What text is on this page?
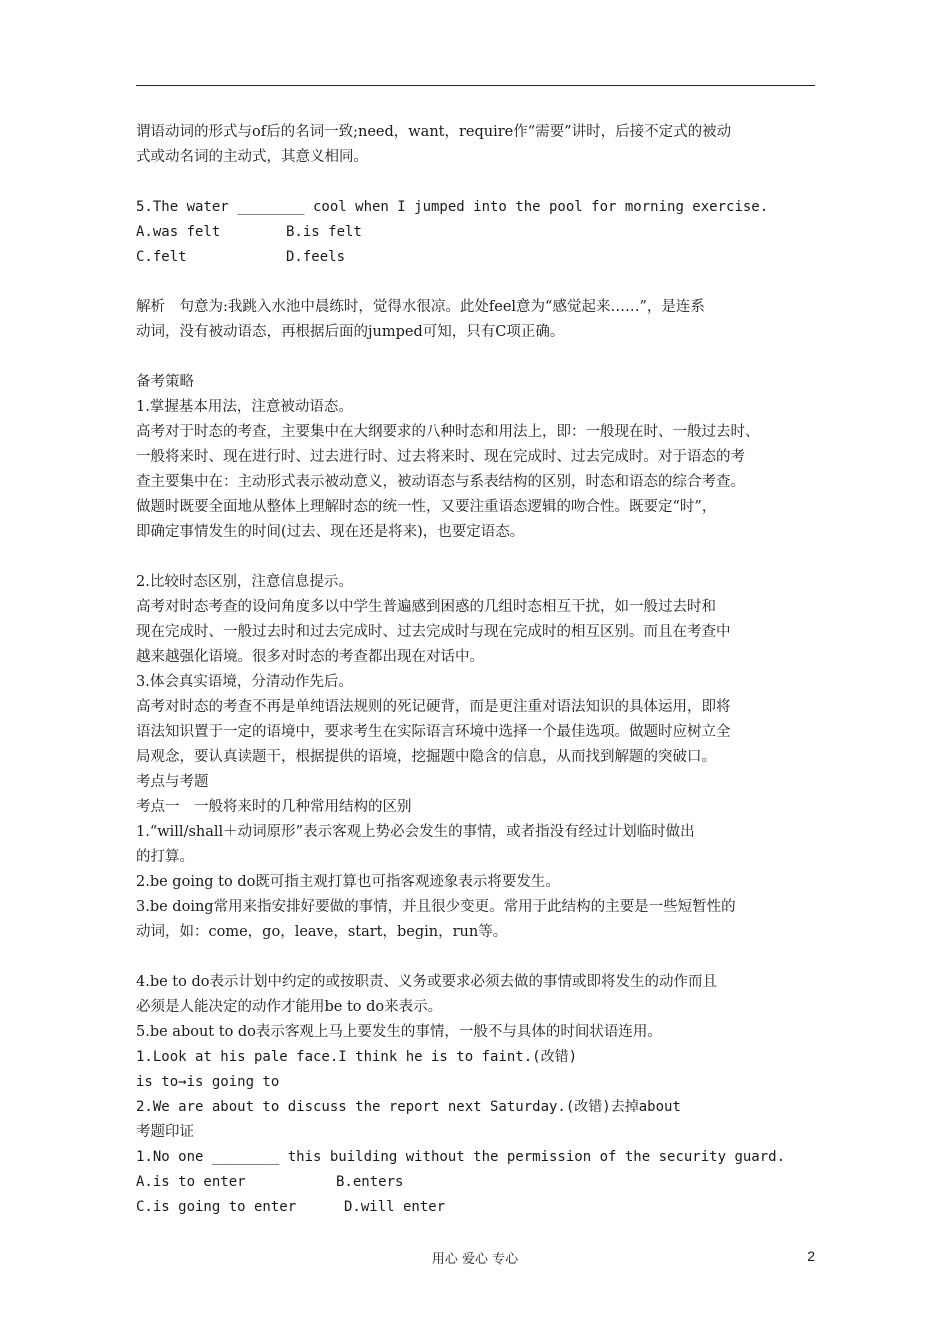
谓语动词的形式与of后的名词一致;need，want，require作“需要”讲时，后接不定式的被动
式或动名词的主动式，其意义相同。
5.The water ________ cool when I jumped into the pool for morning exercise.
A.was felt	B.is felt
C.felt	D.feels
解析　句意为:我跳入水池中晨练时，觉得水很凉。此处feel意为“感觉起来……”，是连系
动词，没有被动语态，再根据后面的jumped可知，只有C项正确。
备考策略
1.掌握基本用法，注意被动语态。
高考对于时态的考查，主要集中在大纲要求的八种时态和用法上，即：一般现在时、一般过去时、
一般将来时、现在进行时、过去进行时、过去将来时、现在完成时、过去完成时。对于语态的考
查主要集中在：主动形式表示被动意义，被动语态与系表结构的区别，时态和语态的综合考查。
做题时既要全面地从整体上理解时态的统一性，又要注重语态逻辑的吻合性。既要定“时”，
即确定事情发生的时间(过去、现在还是将来)，也要定语态。
2.比较时态区别，注意信息提示。
高考对时态考查的设问角度多以中学生普遍感到困惑的几组时态相互干扰，如一般过去时和
现在完成时、一般过去时和过去完成时、过去完成时与现在完成时的相互区别。而且在考查中
越来越强化语境。很多对时态的考查都出现在对话中。
3.体会真实语境，分清动作先后。
高考对时态的考查不再是单纯语法规则的死记硬背，而是更注重对语法知识的具体运用，即将
语法知识置于一定的语境中，要求考生在实际语言环境中选择一个最佳选项。做题时应树立全
局观念，要认真读题干，根据提供的语境，挖掘题中隐含的信息，从而找到解题的突破口。
考点与考题
考点一　一般将来时的几种常用结构的区别
1.“will/shall＋动词原形”表示客观上势必会发生的事情，或者指没有经过计划临时做出
的打算。
2.be going to do既可指主观打算也可指客观迹象表示将要发生。
3.be doing常用来指安排好要做的事情，并且很少变更。常用于此结构的主要是一些短暂性的
动词，如：come，go，leave，start，begin，run等。
4.be to do表示计划中约定的或按职责、义务或要求必须去做的事情或即将发生的动作而且
必须是人能决定的动作才能用be to do来表示。
5.be about to do表示客观上马上要发生的事情，一般不与具体的时间状语连用。
1.Look at his pale face.I think he is to faint.(改错)
is to→is going to
2.We are about to discuss the report next Saturday.(改错)去掉about
考题印证
1.No one ________ this building without the permission of the security guard.
A.is to enter	B.enters
C.is going to enter	D.will enter
用心 爱心 专心	2
